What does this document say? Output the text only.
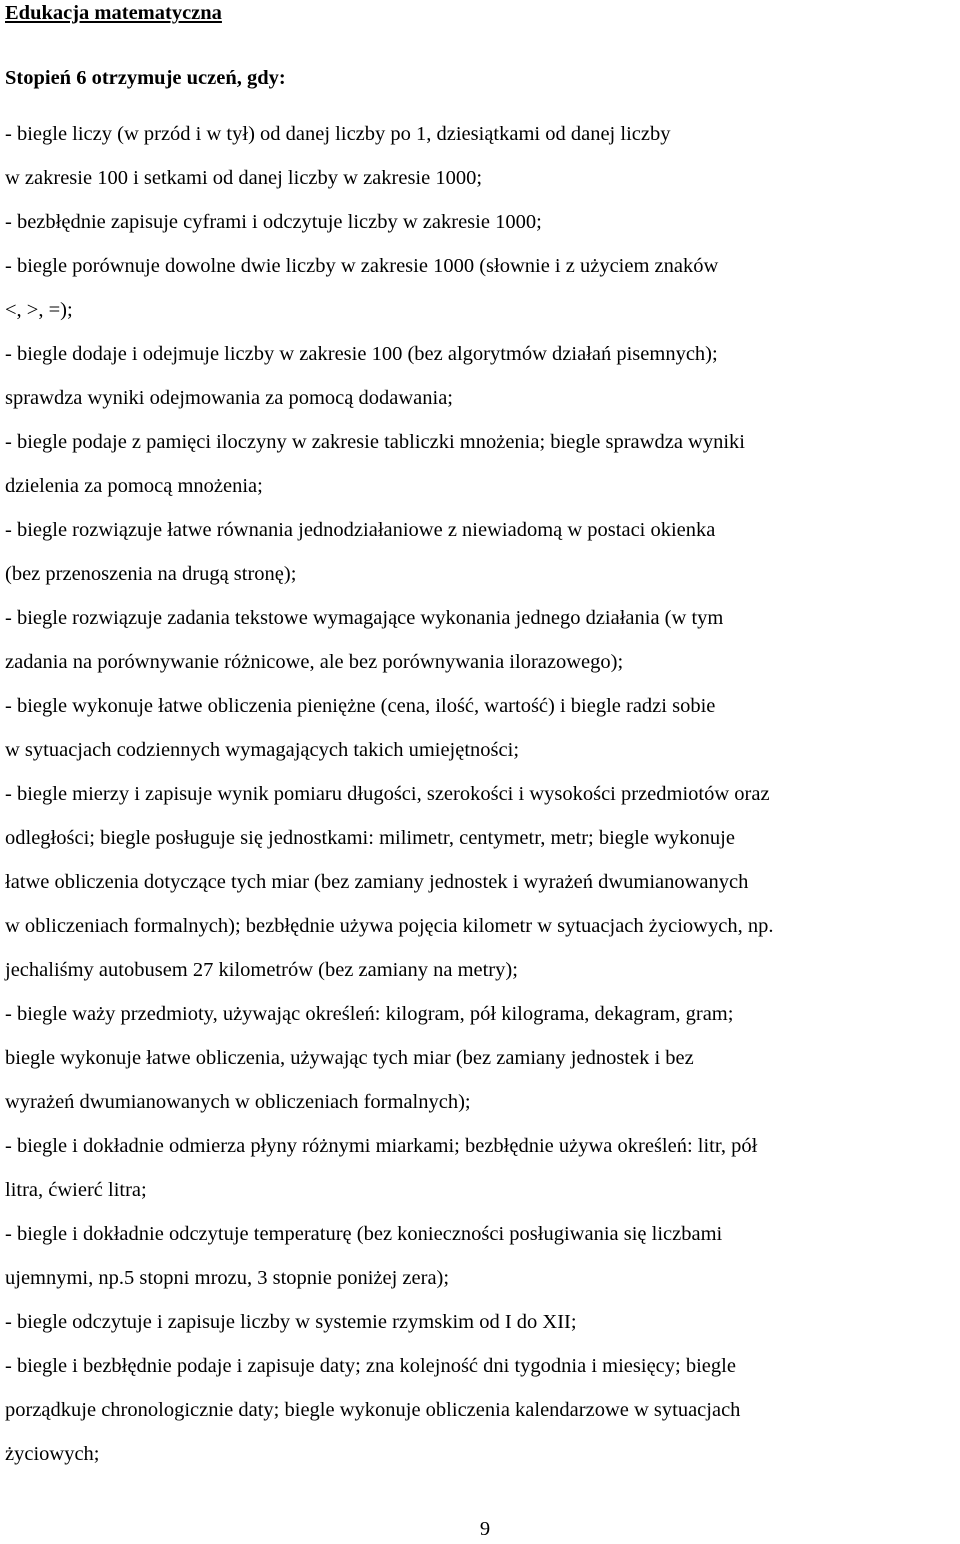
Edukacja matematyczna
Stopień 6 otrzymuje uczeń, gdy:
- biegle liczy (w przód i w tył) od danej liczby po 1, dziesiątkami od danej liczby
w zakresie 100 i setkami od danej liczby w zakresie 1000;
- bezbłędnie zapisuje cyframi i odczytuje liczby w zakresie 1000;
- biegle porównuje dowolne dwie liczby w zakresie 1000 (słownie i z użyciem znaków
<, >, =);
- biegle dodaje i odejmuje liczby w zakresie 100 (bez algorytmów działań pisemnych);
sprawdza wyniki odejmowania za pomocą dodawania;
- biegle podaje z pamięci iloczyny w zakresie tabliczki mnożenia; biegle sprawdza wyniki
dzielenia za pomocą mnożenia;
- biegle rozwiązuje łatwe równania jednodziałaniowe z niewiadomą w postaci okienka
(bez przenoszenia na drugą stronę);
- biegle rozwiązuje zadania tekstowe wymagające wykonania jednego działania (w tym
zadania na porównywanie różnicowe, ale bez porównywania ilorazowego);
- biegle wykonuje łatwe obliczenia pieniężne (cena, ilość, wartość) i biegle radzi sobie
w sytuacjach codziennych wymagających takich umiejętności;
- biegle mierzy i zapisuje wynik pomiaru długości, szerokości i wysokości przedmiotów oraz
odległości; biegle posługuje się jednostkami: milimetr, centymetr, metr; biegle wykonuje
łatwe obliczenia dotyczące tych miar (bez zamiany jednostek i wyrażeń dwumianowanych
w obliczeniach formalnych); bezbłędnie używa pojęcia kilometr w sytuacjach życiowych, np.
jechaliśmy autobusem 27 kilometrów (bez zamiany na metry);
- biegle waży przedmioty, używając określeń: kilogram, pół kilograma, dekagram, gram;
biegle wykonuje łatwe obliczenia, używając tych miar (bez zamiany jednostek i bez
wyrażeń dwumianowanych w obliczeniach formalnych);
- biegle i dokładnie odmierza płyny różnymi miarkami; bezbłędnie używa określeń: litr, pół
litra, ćwierć litra;
- biegle i dokładnie odczytuje temperaturę (bez konieczności posługiwania się liczbami
ujemnymi, np.5 stopni mrozu, 3 stopnie poniżej zera);
- biegle odczytuje i zapisuje liczby w systemie rzymskim od I do XII;
- biegle i bezbłędnie podaje i zapisuje daty; zna kolejność dni tygodnia i miesięcy; biegle
porządkuje chronologicznie daty; biegle wykonuje obliczenia kalendarzowe w sytuacjach
życiowych;
9
